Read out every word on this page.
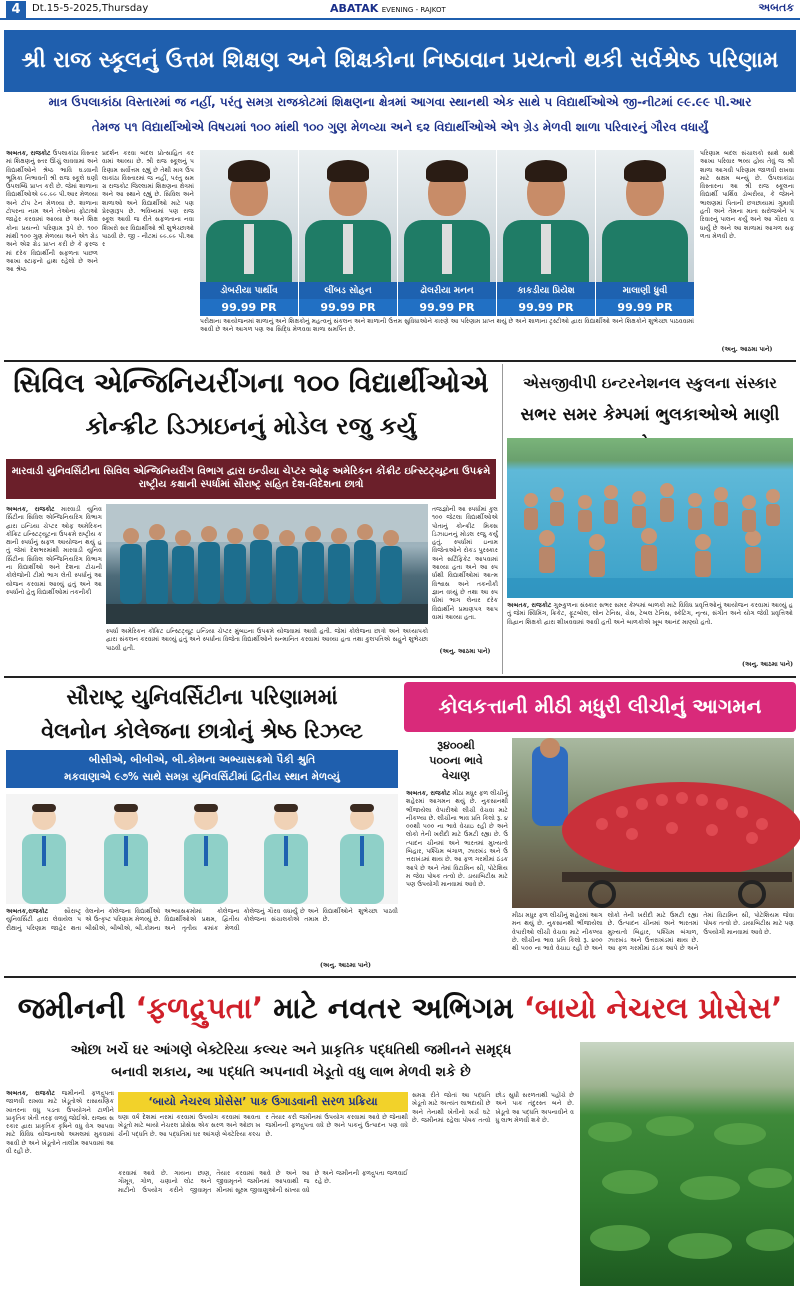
4	Dt.15-5-2025,Thursday	ABATAK EVENING - RAJKOT	અબતક
શ્રી રાજ સ્કૂલનું ઉત્તમ શિક્ષણ અને શિક્ષકોના નિષ્ઠાવાન પ્રયત્નો થકી સર્વશ્રેષ્ઠ પરિણામ
માત્ર ઉપલાકાંઠા વિસ્તારમાં જ નહીં, પરંતુ સમગ્ર રાજકોટમાં શિક્ષણના ક્ષેત્રમાં આગવા સ્થાનથી એક સાથે ૫ વિદ્યાર્થીઓએ જી-નીટમાં ૯૯.૯૯ પી.આર
તેમજ ૫૧ વિદ્યાર્થીઓએ વિષયમાં ૧૦૦ માંથી ૧૦૦ ગુણ મેળવ્યા અને ૬૨ વિદ્યાર્થીઓએ એ૧ ગ્રેડ મેળવી શાળા પરિવારનું ગૌરવ વધાર્યું
અબતક, રાજકોટ ઉપલાકાંઠા વિસ્તારમાં શિક્ષણનું સ્તર ઊંચું લાવવામાં અને વિદ્યાર્થીઓને શ્રેષ્ઠ ભાવિ ઘડવાની ભૂમિકા નિભાવતી શ્રી રાજ સ્કૂલે ઘણી ઉપલબ્ધિ પ્રાપ્ત કરી છે. જેમાં શાળાના વિદ્યાર્થીઓએ ૯૯.૯૯ પી.આર મેળવ્યા અને ટોપ ટેન મેળવ્યા છે. શાળાના ટોપરના નામ અને તેઓના ફોટાઓ જાહેર કરવામાં આવ્યા છે અને શિક્ષકોના પ્રયત્નો પરિણામ રૂપે છે. ૧૦૦ માંથી ૧૦૦ ગુણ મેળવ્યા અને એ૧ ગ્રેડ અને એ૨ ગ્રેડ પ્રાપ્ત કરી છે કે ફરજમાં દરેક વિદ્યાર્થીની સફળતા પાછળ આખા સ્ટાફનો હાથ રહેલો છે અને આ શ્રેષ્ઠ
પ્રદર્શન કરવા બદલ પ્રોત્સાહિત કરવામાં આવ્યા છે. શ્રી રાજ સ્કૂલનું પરિણામ સર્વોત્તમ રહ્યું છે તેથી માત્ર ઉપલાકાંઠા વિસ્તારમાં જ નહીં, પરંતુ સમગ્ર રાજકોટ જિલ્લામાં શિક્ષણના ક્ષેત્રમાં અને આ સ્થાને રહ્યું છે. સિવિલ અને શાળાઓ અને વિદ્યાર્થીઓ માટે પણ પ્રેરણારૂપ છે. ભવિષ્યમાં પણ રાજ સ્કૂલ આવી જ રીતે સફળતાના નવા શિખરો સર વિદ્યાર્થીઓ શ્રી શુભેચ્છાઓ પાઠવી છે. જી - નીટમાં ૯૯.૯૯ પી.આર
ડોબરીયા પાર્થીવ
99.99 PR
લીંબડ સોહન
99.99 PR
ઢોલરીયા મનન
99.99 PR
કાકડીયા પ્રિયેશ
99.99 PR
માલાણી ધ્રુવી
99.99 PR
પરિણામ બદલ સંચાલકો સાથે સાથે આખા પરિવાર ભવ્ય હોય તેવું જ શ્રી શાળા આગવી પરિણામ જાળવી રાખવા માટે સક્ષમ બન્યું છે. ઉપલાકાંઠા વિસ્તારના આ શ્રી રાજ સ્કૂલના વિદ્યાર્થી પાર્થિવ ડોબરીયા, કે જેમને ભાલણમાં પિતાની છત્રછાયામાં ગુમાવી હતી અને તેમના માતા સરોજબેને પરિવારનું પાલન કર્યું અને આ ગૌરવ વધાર્યું છે અને આ શાળામાં આગળ સફળતા મેળવી છે.
(અનુ. આઠમા પાને)
પરીક્ષાના આયોજનમાં શાળાનું અને શિક્ષકોનું મહત્વનું સંકલન અને શાળાની ઉત્તમ સુવિધાઓને કારણે આ પરિણામ પ્રાપ્ત થયું છે અને શાળાના ટ્રસ્ટીઓ દ્વારા વિદ્યાર્થીઓ અને શિક્ષકોને શુભેચ્છા પાઠવવામાં આવી છે અને આગળ પણ આ સિદ્ધિ મેળવવા શાળા સમર્પિત છે.
સિવિલ એન્જિનિયરીંગના ૧૦૦ વિદ્યાર્થીઓએ
કોન્ક્રીટ ડિઝાઇનનું મોડેલ રજુ કર્યુ
મારવાડી યુનિવર્સિટીના સિવિલ એન્જિનિયરીંગ વિભાગ દ્વારા ઇન્ડીયા ચેપ્ટર ઓફ અમેરિકન કોંક્રીટ ઇન્સ્ટિટ્યૂટના ઉપક્રમે રાષ્ટ્રીય કક્ષાની સ્પર્ધામાં સૌરાષ્ટ્ર સહિત દેશ-વિદેશના છાત્રો
અબતક, રાજકોટ મારવાડી યુનિવર્સિટીના સિવિલ એન્જિનિયરિંગ વિભાગ દ્વારા ઇન્ડિયા ચેપ્ટર ઓફ અમેરિકન કોંક્રિટ ઇન્સ્ટિટ્યૂટના ઉપક્રમે રાષ્ટ્રીય કક્ષાની સ્પર્ધાનું સફળ આયોજન થયું હતું જેમાં દેશભરમાંથી મારવાડી યુનિવર્સિટીના સિવિલ એન્જિનિયરિંગ વિભાગના વિદ્યાર્થીઓ અને દેશના ટોચની કોલેજોની ટીમો ભાગ લેતી સ્પર્ધાનું આયોજન કરવામાં આવ્યું હતું અને આ સ્પર્ધાનો હેતુ વિદ્યાર્થીઓમાં તકનીકી
તજજ્ઞોની આ સ્પર્ધામાં કુલ ૧૦૦ જેટલા વિદ્યાર્થીઓએ પોતાનું કોન્ક્રીટ મિક્સ ડિઝાઇનનું મોડલ રજુ કર્યું હતું. સ્પર્ધામાં ઇનામ વિજેતાઓને રોકડ પુરસ્કાર અને સર્ટિફિકેટ આપવામાં આવ્યા હતા અને આ સ્પર્ધાથી વિદ્યાર્થીઓમાં આત્મવિશ્વાસ અને તકનીકી જ્ઞાન વધ્યું છે તથા આ સ્પર્ધામાં ભાગ લેનાર દરેક વિદ્યાર્થીને પ્રમાણપત્ર આપવામાં આવ્યા હતા.
(અનુ. આઠમા પાને)
સ્પર્ધા અમેરિકન કોંક્રિટ ઇન્સ્ટિટ્યૂટ ઇન્ડિયા ચેપ્ટર મુંબઇના ઉપક્રમે યોજવામાં આવી હતી. જેમાં કોલેજના છાત્રો અને અધ્યાપકો દ્વારા સંકલન કરવામાં આવ્યું હતું અને સ્પર્ધાના વિજેતા વિદ્યાર્થીઓને સન્માનિત કરવામાં આવ્યા હતા તથા કુલપતિએ સહુને શુભેચ્છા પાઠવી હતી.
એસજીવીપી ઇન્ટરનેશનલ સ્કુલના સંસ્કાર
સભર સમર કેમ્પમાં ભુલકાઓએ માણી
અબતક, રાજકોટ ગુરુકુળના સંસ્કાર સભર સમર કેમ્પમાં બાળકો માટે વિવિધ પ્રવૃત્તિઓનું આયોજન કરવામાં આવ્યું હતું જેમાં સ્વિમિંગ, ક્રિકેટ, ફૂટબોલ, લોન ટેનિસ, ચેસ, ટેબલ ટેનિસ, સ્કેટિંગ, નૃત્ય, સંગીત અને યોગ જેવી પ્રવૃત્તિઓ વિદ્વાન શિક્ષકો દ્વારા શીખવવામાં આવી હતી અને બાળકોએ ખૂબ આનંદ માણ્યો હતો.
(અનુ. આઠમા પાને)
સૌરાષ્ટ્ર યુનિવર્સિટીના પરિણામમાં
વેલનોન કોલેજના છાત્રોનું શ્રેષ્ઠ રિઝલ્ટ
બીસીએ, બીબીએ, બી.કોમના અભ્યાસક્રમો પૈકી શ્રુતિ
મકવાણાએ ૯૭% સાથે સમગ્ર યુનિવર્સિટીમાં દ્વિતીય સ્થાન મેળવ્યું
અબતક,રાજકોટ	સૌરાષ્ટ્ર યુનિવર્સિટી દ્વારા લેવાયેલ પરીક્ષાનું પરિણામ જાહેર થતા વેલનોન કોલેજના વિદ્યાર્થીઓએ ઉત્કૃષ્ટ પરિણામ મેળવ્યું છે. બીસીએ, બીબીએ, બી.કોમના અભ્યાસક્રમોમાં કોલેજના વિદ્યાર્થીઓએ પ્રથમ, દ્વિતીય અને તૃતીય ક્રમાંક મેળવી કોલેજનું ગૌરવ વધાર્યું છે અને કોલેજના સંચાલકોએ તમામ વિદ્યાર્થીઓને શુભેચ્છા પાઠવી છે.
(અનુ. આઠમા પાને)
કોલકત્તાની મીઠી મધુરી લીચીનું આગમન
રૂ૪૦૦થી
૫૦૦ના ભાવે
વેચાણ
અબતક, રાજકોટ મીઠા મધુર ફળ લીચીનું શહેરમાં આગમન થયું છે. નુકસાનથી ભીંજાયેલા વેપારીઓ લીચી વેચવા માટે નીકળ્યા છે. લીચીના ભાવ પ્રતિ કિલો રૂ. ૪૦૦થી ૫૦૦ ના ભાવે વેચાઇ રહી છે અને લોકો તેની ખરીદી માટે ઉમટી રહ્યા છે. ઉત્પાદન ચીનમાં અને ભારતમાં મુખ્યત્વે બિહાર, પશ્ચિમ બંગાળ, ઝારખંડ અને ઉત્તરાખંડમાં થાય છે. આ ફળ ગરમીમાં ઠંડક આપે છે અને તેમાં વિટામિન સી, પોટેશિયમ જેવા પોષક તત્વો છે. ડાયાબિટીસ માટે પણ ઉપયોગી માનવામાં આવે છે.
મીઠા મધુર ફળ લીચીનું શહેરમાં આગમન થયું છે. નુકસાનથી ભીંજાયેલા વેપારીઓ લીચી વેચવા માટે નીકળ્યા છે. લીચીના ભાવ પ્રતિ કિલો રૂ. ૪૦૦થી ૫૦૦ ના ભાવે વેચાઇ રહી છે અને લોકો તેની ખરીદી માટે ઉમટી રહ્યા છે. ઉત્પાદન ચીનમાં અને ભારતમાં મુખ્યત્વે બિહાર, પશ્ચિમ બંગાળ, ઝારખંડ અને ઉત્તરાખંડમાં થાય છે. આ ફળ ગરમીમાં ઠંડક આપે છે અને તેમાં વિટામિન સી, પોટેશિયમ જેવા પોષક તત્વો છે. ડાયાબિટીસ માટે પણ ઉપયોગી માનવામાં આવે છે.
જમીનની ‘ફળદ્રુપતા’ માટે નવતર અભિગમ ‘બાયો નેચરલ પ્રોસેસ’
ઓછા ખર્ચે ઘર આંગણે બેક્ટેરિયા કલ્ચર અને પ્રાકૃતિક પદ્ધતિથી જમીનને સમૃદ્ધ
બનાવી શકાય, આ પદ્ધતિ અપનાવી ખેડૂતો વધુ લાભ મેળવી શકે છે
અબતક, રાજકોટ જમીનની ફળદ્રુપતા જાળવી રાખવા માટે ખેડૂતોએ રાસાયણિક ખાતરના વધુ પડતા ઉપયોગને ટાળીને પ્રાકૃતિક ખેતી તરફ વળવું જોઈએ. રાજ્ય સરકાર દ્વારા પ્રાકૃતિક કૃષિને વધુ વેગ આપવા માટે વિવિધ યોજનાઓ અમલમાં મુકવામાં આવી છે અને ખેડૂતોને તાલીમ આપવામાં આવી રહી છે.
‘બાયો નેચરલ પ્રોસેસ’ પાક ઉગાડવાની સરળ પ્રક્રિયા
ઘણા વર્ષ દેશમાં નરમાં કરવામાં ઉપયોગ કરવામાં આવતા ખેડૂતો માટે બાયો નેચરલ પ્રોસેસ એક સરળ અને ઓછા ખર્ચની પદ્ધતિ છે. આ પદ્ધતિમાં ઘર આંગણે બેક્ટેરિયા કલ્ચર તૈયાર કરી જમીનમાં ઉપયોગ કરવામાં આવે છે જેનાથી જમીનની ફળદ્રુપતા વધે છે અને પાકનું ઉત્પાદન પણ વધે છે.
કરવામાં આવે છે. ગાયના છાણ, ગૌમૂત્ર, ગોળ, ચણાનો લોટ અને માટીનો ઉપયોગ કરીને જીવામૃત તૈયાર કરવામાં આવે છે અને આ જીવામૃતને જમીનમાં આપવાથી જમીનમાં સૂક્ષ્મ જીવાણુઓની સંખ્યા વધે છે અને જમીનની ફળદ્રુપતા જળવાઈ રહે છે.
સમગ્ર રીતે જોતાં આ પદ્ધતિ ખેડૂતો માટે અત્યંત લાભદાયી છે અને તેનાથી ખેતીનો ખર્ચ ઘટે છે. જમીનમાં રહેલા પોષક તત્વો છોડ સુધી સરળતાથી પહોંચે છે અને પાક તંદુરસ્ત બને છે. ખેડૂતો આ પદ્ધતિ અપનાવીને વધુ લાભ મેળવી શકે છે.
